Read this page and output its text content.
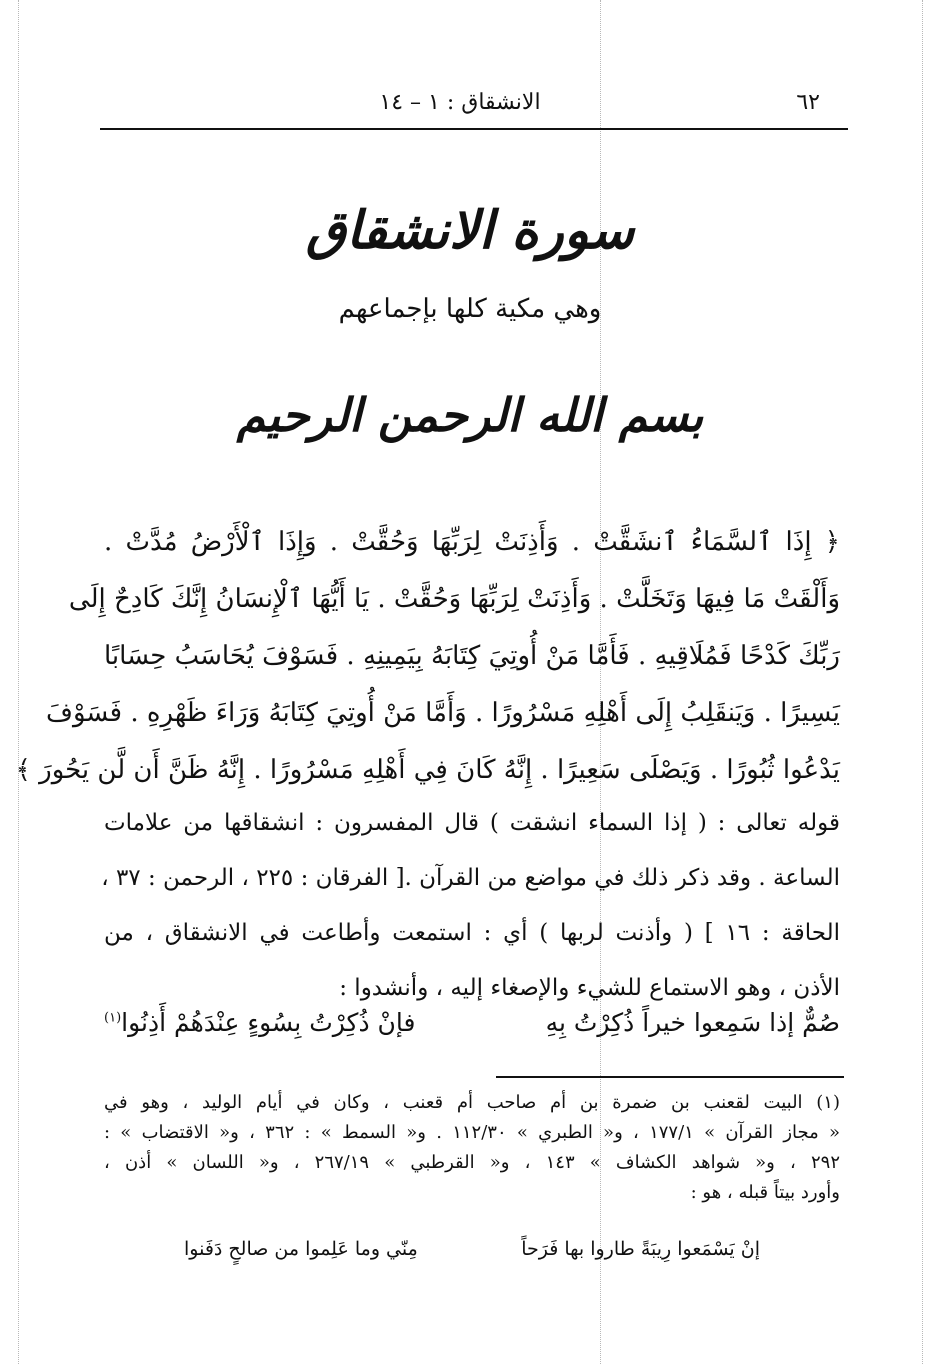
٦٢
الانشقاق : ١ – ١٤
سورة الانشقاق
وهي مكية كلها بإجماعهم
بسم الله الرحمن الرحيم
﴿ إِذَا ٱلسَّمَاءُ ٱنشَقَّتْ . وَأَذِنَتْ لِرَبِّهَا وَحُقَّتْ . وَإِذَا ٱلْأَرْضُ مُدَّتْ .
وَأَلْقَتْ مَا فِيهَا وَتَخَلَّتْ . وَأَذِنَتْ لِرَبِّهَا وَحُقَّتْ . يَا أَيُّهَا ٱلْإِنسَانُ إِنَّكَ كَادِحٌ إِلَى
رَبِّكَ كَدْحًا فَمُلَاقِيهِ . فَأَمَّا مَنْ أُوتِيَ كِتَابَهُ بِيَمِينِهِ . فَسَوْفَ يُحَاسَبُ حِسَابًا
يَسِيرًا . وَيَنقَلِبُ إِلَى أَهْلِهِ مَسْرُورًا . وَأَمَّا مَنْ أُوتِيَ كِتَابَهُ وَرَاءَ ظَهْرِهِ . فَسَوْفَ
يَدْعُوا ثُبُورًا . وَيَصْلَى سَعِيرًا . إِنَّهُ كَانَ فِي أَهْلِهِ مَسْرُورًا . إِنَّهُ ظَنَّ أَن لَّن يَحُورَ ﴾
قوله تعالى : ( إذا السماء انشقت ) قال المفسرون : انشقاقها من علامات
الساعة . وقد ذكر ذلك في مواضع من القرآن .[ الفرقان : ٢٢٥ ، الرحمن : ٣٧ ،
الحاقة : ١٦ ] ( وأذنت لربها ) أي : استمعت وأطاعت في الانشقاق ، من
الأذن ، وهو الاستماع للشيء والإصغاء إليه ، وأنشدوا :
صُمٌّ إذا سَمِعوا خيراً ذُكِرْتُ بِهِ
فإنْ ذُكِرْتُ بِسُوءٍ عِنْدَهُمْ أَذِنُوا$^{(١)}$
(١) البيت لقعنب بن ضمرة بن أم صاحب أم قعنب ، وكان في أيام الوليد ، وهو في
« مجاز القرآن » ١٧٧/١ ، و« الطبري » ١١٢/٣٠ . و« السمط » : ٣٦٢ ، و« الاقتضاب » :
٢٩٢ ، و« شواهد الكشاف » ١٤٣ ، و« القرطبي » ٢٦٧/١٩ ، و« اللسان » أذن ،
وأورد بيتاً قبله ، هو :
إنْ يَسْمَعوا رِيبَةً طاروا بها فَرَحاً
مِنّي وما عَلِموا من صالحٍ دَفَنوا
